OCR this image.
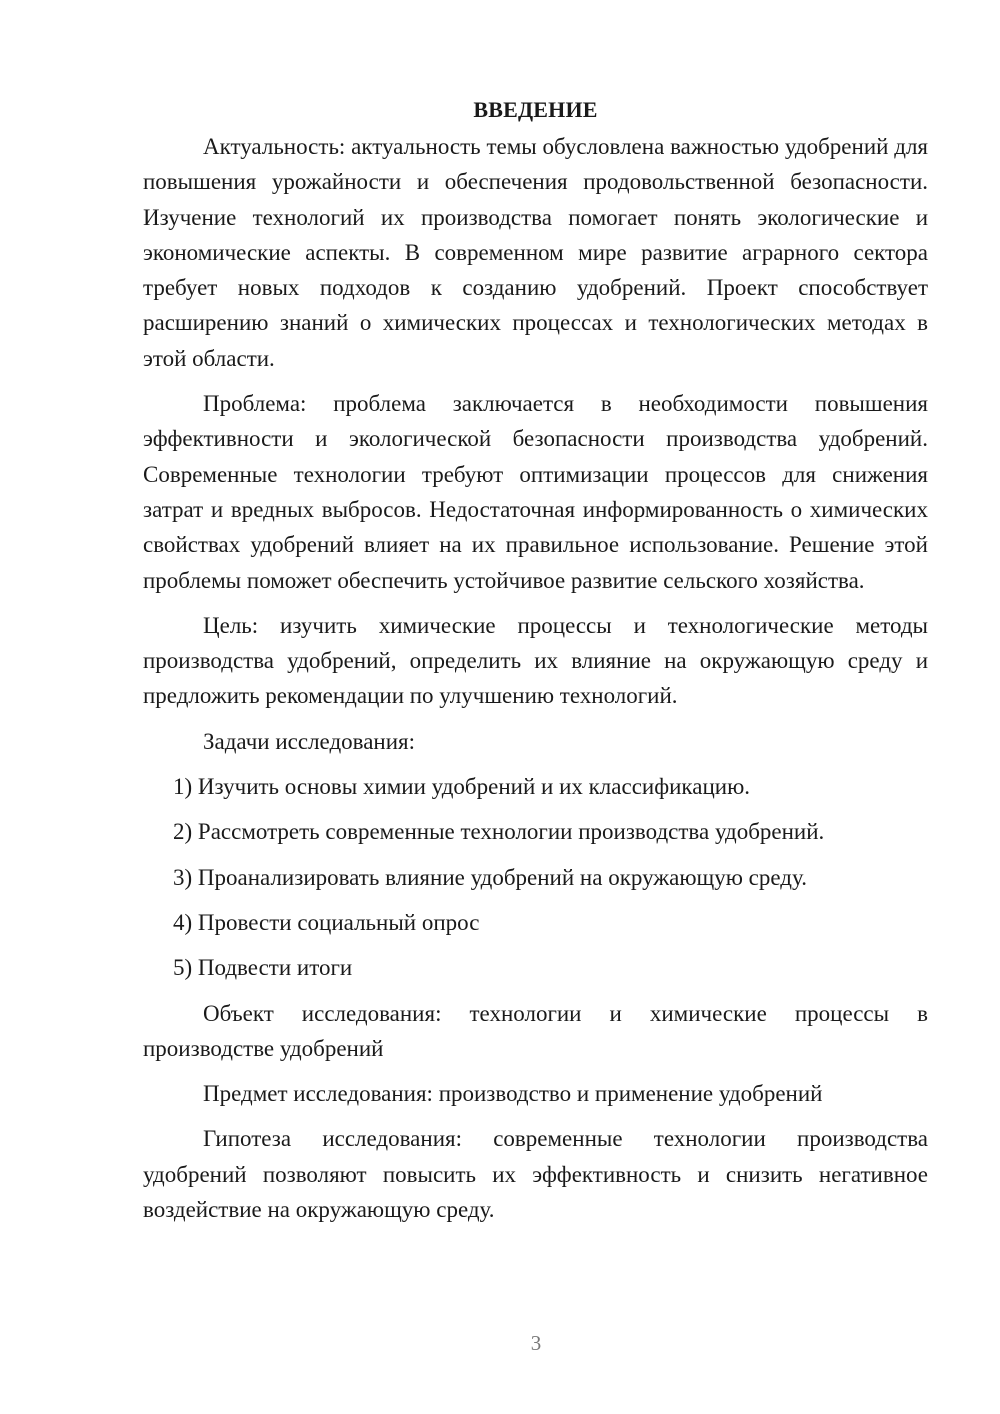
ВВЕДЕНИЕ

Актуальность: актуальность темы обусловлена важностью удобрений для повышения урожайности и обеспечения продовольственной безопасности. Изучение технологий их производства помогает понять экологические и экономические аспекты. В современном мире развитие аграрного сектора требует новых подходов к созданию удобрений. Проект способствует расширению знаний о химических процессах и технологических методах в этой области.

Проблема: проблема заключается в необходимости повышения эффективности и экологической безопасности производства удобрений. Современные технологии требуют оптимизации процессов для снижения затрат и вредных выбросов. Недостаточная информированность о химических свойствах удобрений влияет на их правильное использование. Решение этой проблемы поможет обеспечить устойчивое развитие сельского хозяйства.

Цель: изучить химические процессы и технологические методы производства удобрений, определить их влияние на окружающую среду и предложить рекомендации по улучшению технологий.

Задачи исследования:

1) Изучить основы химии удобрений и их классификацию.

2) Рассмотреть современные технологии производства удобрений.

3) Проанализировать влияние удобрений на окружающую среду.

4) Провести социальный опрос

5) Подвести итоги

Объект исследования: технологии и химические процессы в производстве удобрений

Предмет исследования: производство и применение удобрений

Гипотеза исследования: современные технологии производства удобрений позволяют повысить их эффективность и снизить негативное воздействие на окружающую среду.

3
